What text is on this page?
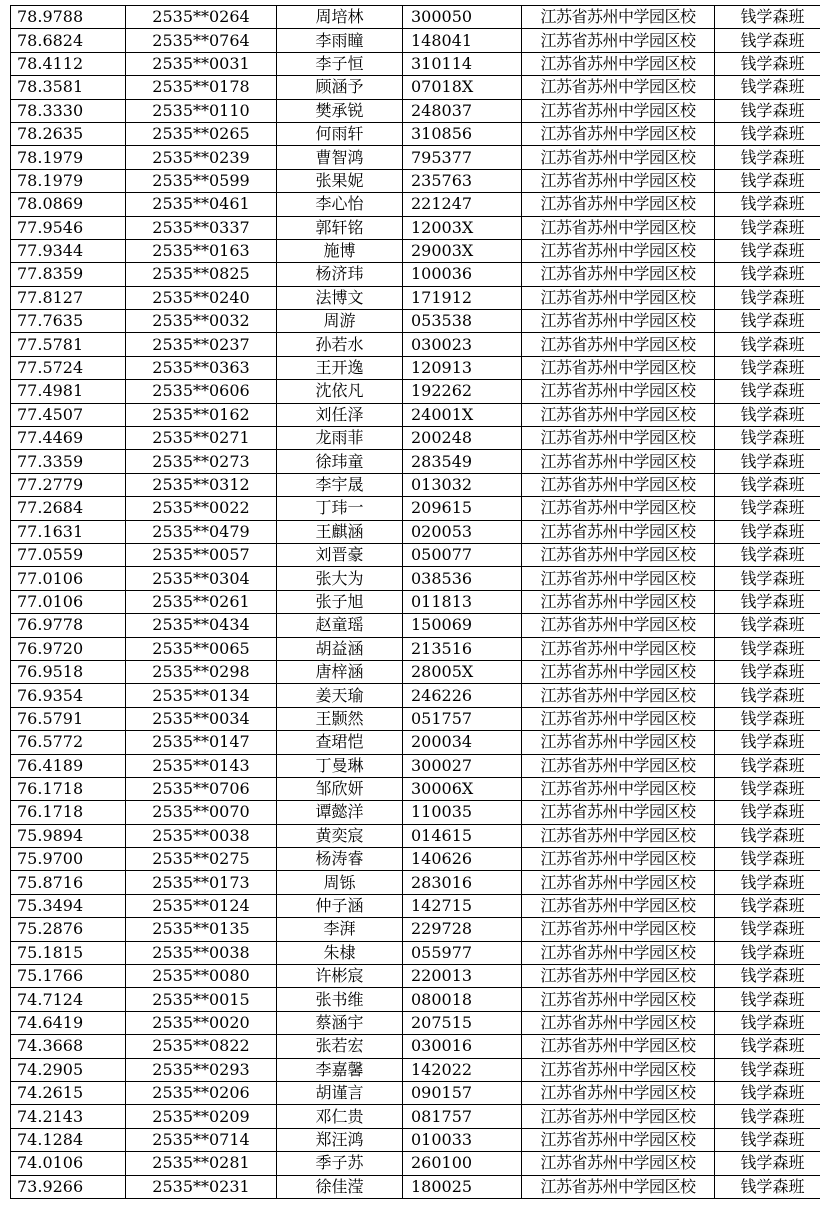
78.9788	2535**0264	周培林	300050	江苏省苏州中学园区校	钱学森班
78.6824	2535**0764	李雨瞳	148041	江苏省苏州中学园区校	钱学森班
78.4112	2535**0031	李子恒	310114	江苏省苏州中学园区校	钱学森班
78.3581	2535**0178	顾涵予	07018X	江苏省苏州中学园区校	钱学森班
78.3330	2535**0110	樊承锐	248037	江苏省苏州中学园区校	钱学森班
78.2635	2535**0265	何雨轩	310856	江苏省苏州中学园区校	钱学森班
78.1979	2535**0239	曹智鸿	795377	江苏省苏州中学园区校	钱学森班
78.1979	2535**0599	张果妮	235763	江苏省苏州中学园区校	钱学森班
78.0869	2535**0461	李心怡	221247	江苏省苏州中学园区校	钱学森班
77.9546	2535**0337	郭轩铭	12003X	江苏省苏州中学园区校	钱学森班
77.9344	2535**0163	施博	29003X	江苏省苏州中学园区校	钱学森班
77.8359	2535**0825	杨济玮	100036	江苏省苏州中学园区校	钱学森班
77.8127	2535**0240	法博文	171912	江苏省苏州中学园区校	钱学森班
77.7635	2535**0032	周游	053538	江苏省苏州中学园区校	钱学森班
77.5781	2535**0237	孙若水	030023	江苏省苏州中学园区校	钱学森班
77.5724	2535**0363	王开逸	120913	江苏省苏州中学园区校	钱学森班
77.4981	2535**0606	沈依凡	192262	江苏省苏州中学园区校	钱学森班
77.4507	2535**0162	刘任泽	24001X	江苏省苏州中学园区校	钱学森班
77.4469	2535**0271	龙雨菲	200248	江苏省苏州中学园区校	钱学森班
77.3359	2535**0273	徐玮童	283549	江苏省苏州中学园区校	钱学森班
77.2779	2535**0312	李宇晟	013032	江苏省苏州中学园区校	钱学森班
77.2684	2535**0022	丁玮一	209615	江苏省苏州中学园区校	钱学森班
77.1631	2535**0479	王麒涵	020053	江苏省苏州中学园区校	钱学森班
77.0559	2535**0057	刘晋豪	050077	江苏省苏州中学园区校	钱学森班
77.0106	2535**0304	张大为	038536	江苏省苏州中学园区校	钱学森班
77.0106	2535**0261	张子旭	011813	江苏省苏州中学园区校	钱学森班
76.9778	2535**0434	赵童瑶	150069	江苏省苏州中学园区校	钱学森班
76.9720	2535**0065	胡益涵	213516	江苏省苏州中学园区校	钱学森班
76.9518	2535**0298	唐梓涵	28005X	江苏省苏州中学园区校	钱学森班
76.9354	2535**0134	姜天瑜	246226	江苏省苏州中学园区校	钱学森班
76.5791	2535**0034	王颢然	051757	江苏省苏州中学园区校	钱学森班
76.5772	2535**0147	查珺恺	200034	江苏省苏州中学园区校	钱学森班
76.4189	2535**0143	丁曼琳	300027	江苏省苏州中学园区校	钱学森班
76.1718	2535**0706	邹欣妍	30006X	江苏省苏州中学园区校	钱学森班
76.1718	2535**0070	谭懿洋	110035	江苏省苏州中学园区校	钱学森班
75.9894	2535**0038	黄奕宸	014615	江苏省苏州中学园区校	钱学森班
75.9700	2535**0275	杨涛睿	140626	江苏省苏州中学园区校	钱学森班
75.8716	2535**0173	周铄	283016	江苏省苏州中学园区校	钱学森班
75.3494	2535**0124	仲子涵	142715	江苏省苏州中学园区校	钱学森班
75.2876	2535**0135	李湃	229728	江苏省苏州中学园区校	钱学森班
75.1815	2535**0038	朱棣	055977	江苏省苏州中学园区校	钱学森班
75.1766	2535**0080	许彬宸	220013	江苏省苏州中学园区校	钱学森班
74.7124	2535**0015	张书维	080018	江苏省苏州中学园区校	钱学森班
74.6419	2535**0020	蔡涵宇	207515	江苏省苏州中学园区校	钱学森班
74.3668	2535**0822	张若宏	030016	江苏省苏州中学园区校	钱学森班
74.2905	2535**0293	李嘉馨	142022	江苏省苏州中学园区校	钱学森班
74.2615	2535**0206	胡谨言	090157	江苏省苏州中学园区校	钱学森班
74.2143	2535**0209	邓仁贵	081757	江苏省苏州中学园区校	钱学森班
74.1284	2535**0714	郑汪鸿	010033	江苏省苏州中学园区校	钱学森班
74.0106	2535**0281	季子苏	260100	江苏省苏州中学园区校	钱学森班
73.9266	2535**0231	徐佳滢	180025	江苏省苏州中学园区校	钱学森班
